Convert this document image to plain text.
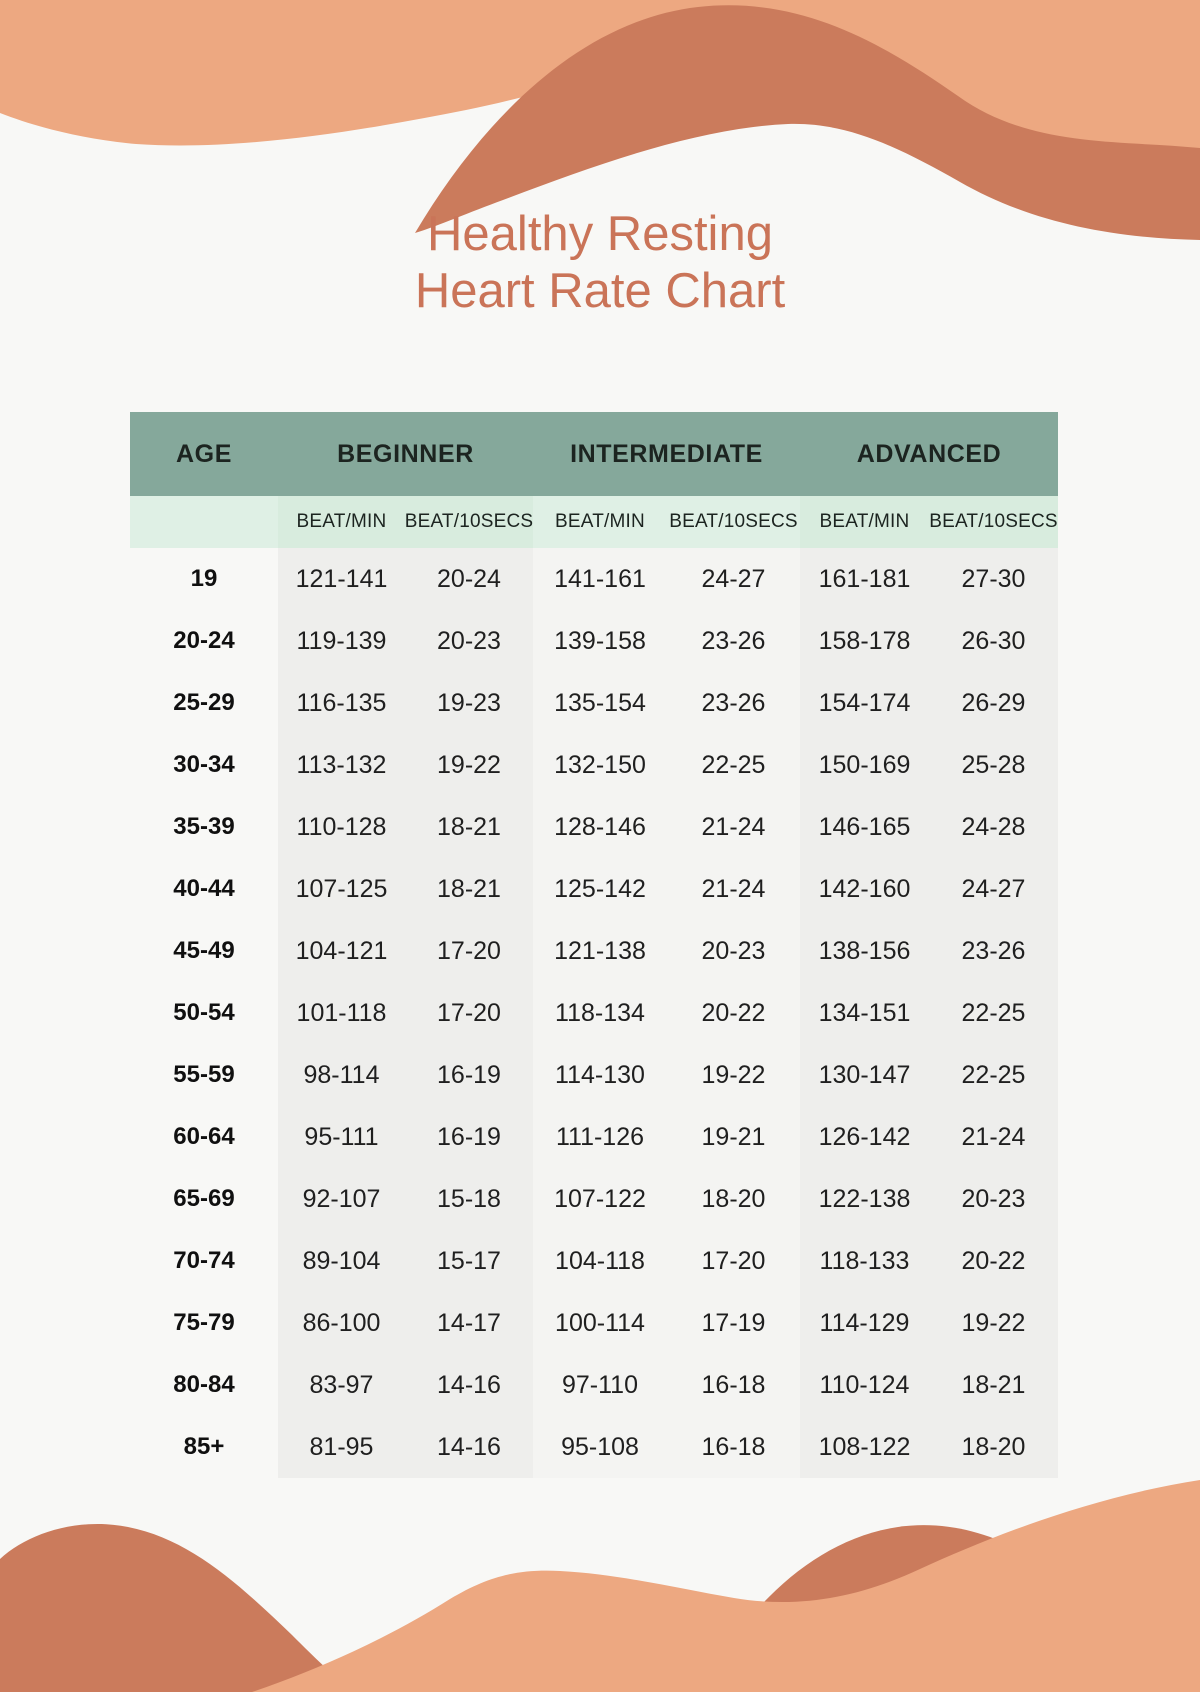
Healthy Resting
Heart Rate Chart
AGE	BEGINNER	INTERMEDIATE	ADVANCED
BEAT/MIN BEAT/10SECS	BEAT/MIN	BEAT/10SECS	BEAT/MIN	BEAT/10SECS
19	121-141	20-24	141-161	24-27	161-181	27-30
20-24	119-139	20-23	139-158	23-26	158-178	26-30
25-29	116-135	19-23	135-154	23-26	154-174	26-29
30-34	113-132	19-22	132-150	22-25	150-169	25-28
35-39	110-128	18-21	128-146	21-24	146-165	24-28
40-44	107-125	18-21	125-142	21-24	142-160	24-27
45-49	104-121	17-20	121-138	20-23	138-156	23-26
50-54	101-118	17-20	118-134	20-22	134-151	22-25
55-59	98-114	16-19	114-130	19-22	130-147	22-25
60-64	95-111	16-19	111-126	19-21	126-142	21-24
65-69	92-107	15-18	107-122	18-20	122-138	20-23
70-74	89-104	15-17	104-118	17-20	118-133	20-22
75-79	86-100	14-17	100-114	17-19	114-129	19-22
80-84	83-97	14-16	97-110	16-18	110-124	18-21
85+	81-95	14-16	95-108	16-18	108-122	18-20
